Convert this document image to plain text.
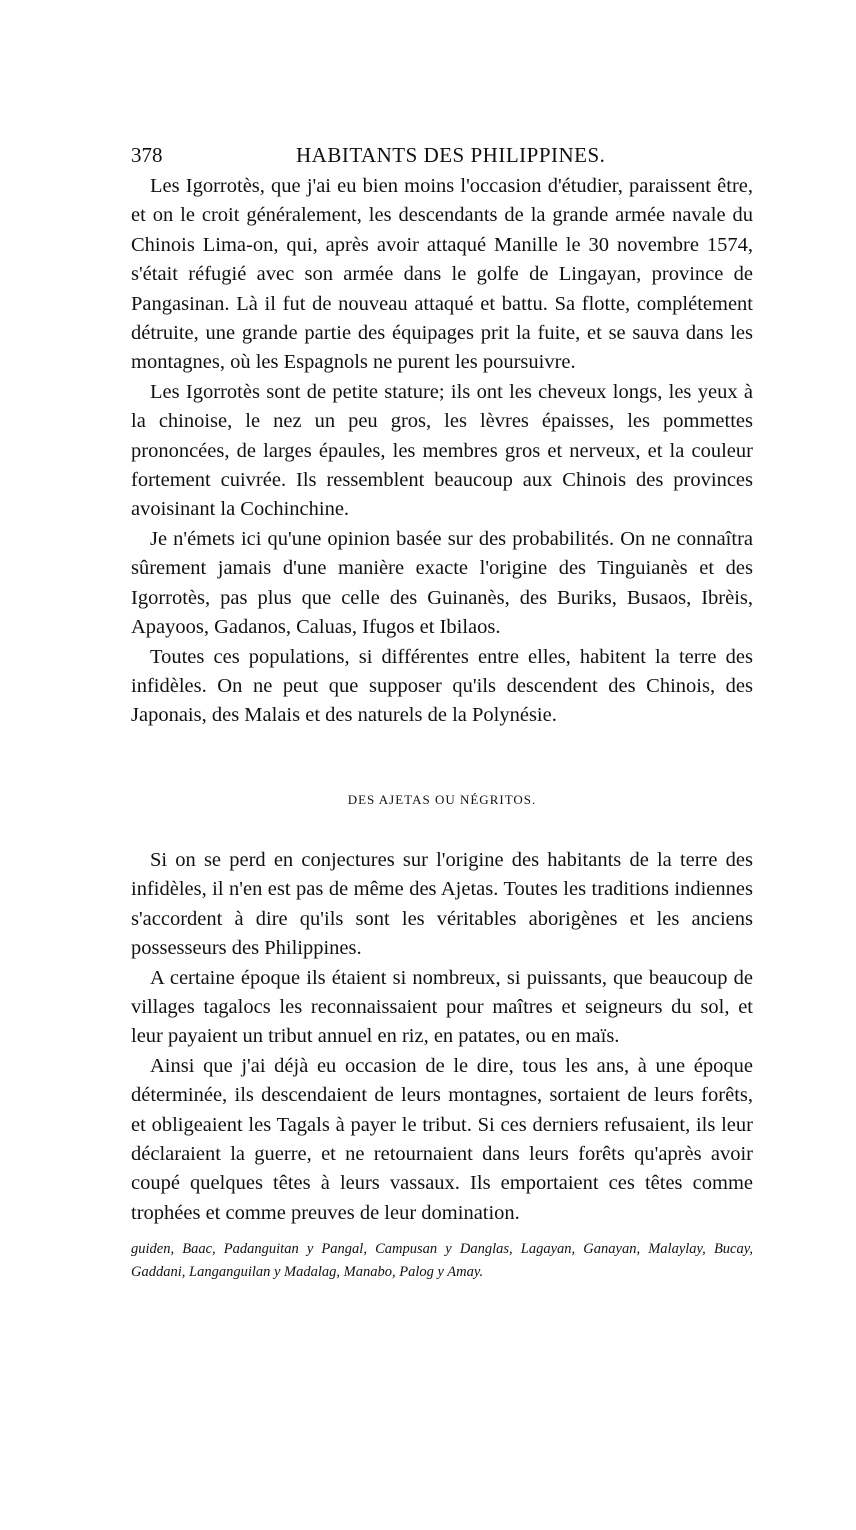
378	HABITANTS DES PHILIPPINES.

Les Igorrotès, que j'ai eu bien moins l'occasion d'étudier, paraissent être, et on le croit généralement, les descendants de la grande armée navale du Chinois Lima-on, qui, après avoir attaqué Manille le 30 novembre 1574, s'était réfugié avec son armée dans le golfe de Lingayan, province de Pangasinan. Là il fut de nouveau attaqué et battu. Sa flotte, complétement détruite, une grande partie des équipages prit la fuite, et se sauva dans les montagnes, où les Espagnols ne purent les poursuivre.

Les Igorrotès sont de petite stature; ils ont les cheveux longs, les yeux à la chinoise, le nez un peu gros, les lèvres épaisses, les pommettes prononcées, de larges épaules, les membres gros et nerveux, et la couleur fortement cuivrée. Ils ressemblent beaucoup aux Chinois des provinces avoisinant la Cochinchine.

Je n'émets ici qu'une opinion basée sur des probabilités. On ne connaîtra sûrement jamais d'une manière exacte l'origine des Tinguianès et des Igorrotès, pas plus que celle des Guinanès, des Buriks, Busaos, Ibrèis, Apayoos, Gadanos, Caluas, Ifugos et Ibilaos.

Toutes ces populations, si différentes entre elles, habitent la terre des infidèles. On ne peut que supposer qu'ils descendent des Chinois, des Japonais, des Malais et des naturels de la Polynésie.

DES AJETAS OU NÉGRITOS.

Si on se perd en conjectures sur l'origine des habitants de la terre des infidèles, il n'en est pas de même des Ajetas. Toutes les traditions indiennes s'accordent à dire qu'ils sont les véritables aborigènes et les anciens possesseurs des Philippines.

A certaine époque ils étaient si nombreux, si puissants, que beaucoup de villages tagalocs les reconnaissaient pour maîtres et seigneurs du sol, et leur payaient un tribut annuel en riz, en patates, ou en maïs.

Ainsi que j'ai déjà eu occasion de le dire, tous les ans, à une époque déterminée, ils descendaient de leurs montagnes, sortaient de leurs forêts, et obligeaient les Tagals à payer le tribut. Si ces derniers refusaient, ils leur déclaraient la guerre, et ne retournaient dans leurs forêts qu'après avoir coupé quelques têtes à leurs vassaux. Ils emportaient ces têtes comme trophées et comme preuves de leur domination.

guiden, Baac, Padanguitan y Pangal, Campusan y Danglas, Lagayan, Ganayan, Malaylay, Bucay, Gaddani, Langanguilan y Madalag, Manabo, Palog y Amay.
